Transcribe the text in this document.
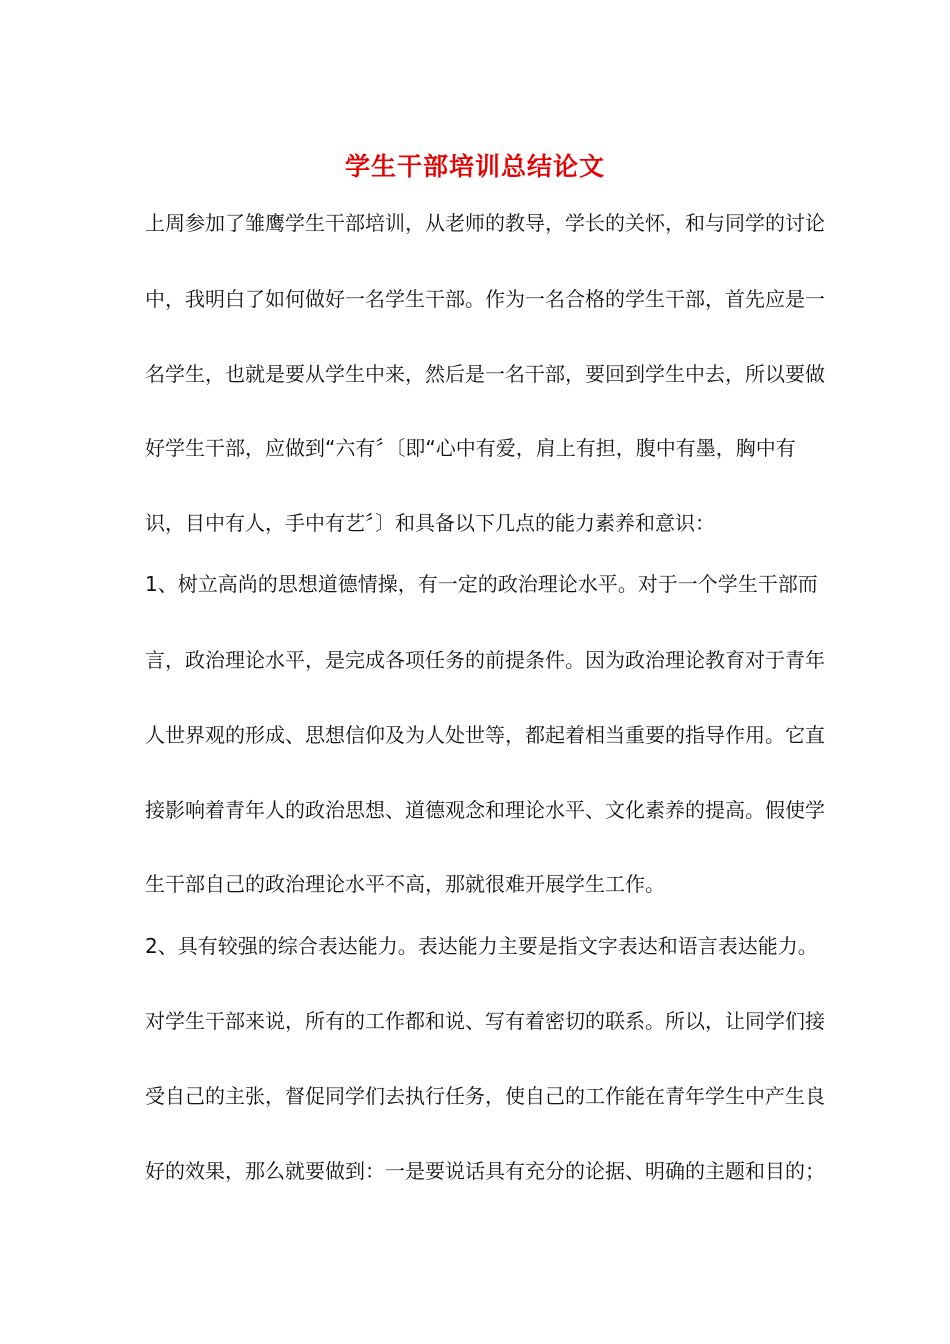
学生干部培训总结论文
上周参加了雏鹰学生干部培训，从老师的教导，学长的关怀，和与同学的讨论
中，我明白了如何做好一名学生干部。作为一名合格的学生干部，首先应是一
名学生，也就是要从学生中来，然后是一名干部，要回到学生中去，所以要做
好学生干部，应做到“六有〞〔即“心中有爱，肩上有担，腹中有墨，胸中有
识，目中有人，手中有艺〞〕和具备以下几点的能力素养和意识：
1、树立高尚的思想道德情操，有一定的政治理论水平。对于一个学生干部而
言，政治理论水平，是完成各项任务的前提条件。因为政治理论教育对于青年
人世界观的形成、思想信仰及为人处世等，都起着相当重要的指导作用。它直
接影响着青年人的政治思想、道德观念和理论水平、文化素养的提高。假使学
生干部自己的政治理论水平不高，那就很难开展学生工作。
2、具有较强的综合表达能力。表达能力主要是指文字表达和语言表达能力。
对学生干部来说，所有的工作都和说、写有着密切的联系。所以，让同学们接
受自己的主张，督促同学们去执行任务，使自己的工作能在青年学生中产生良
好的效果，那么就要做到：一是要说话具有充分的论据、明确的主题和目的；
